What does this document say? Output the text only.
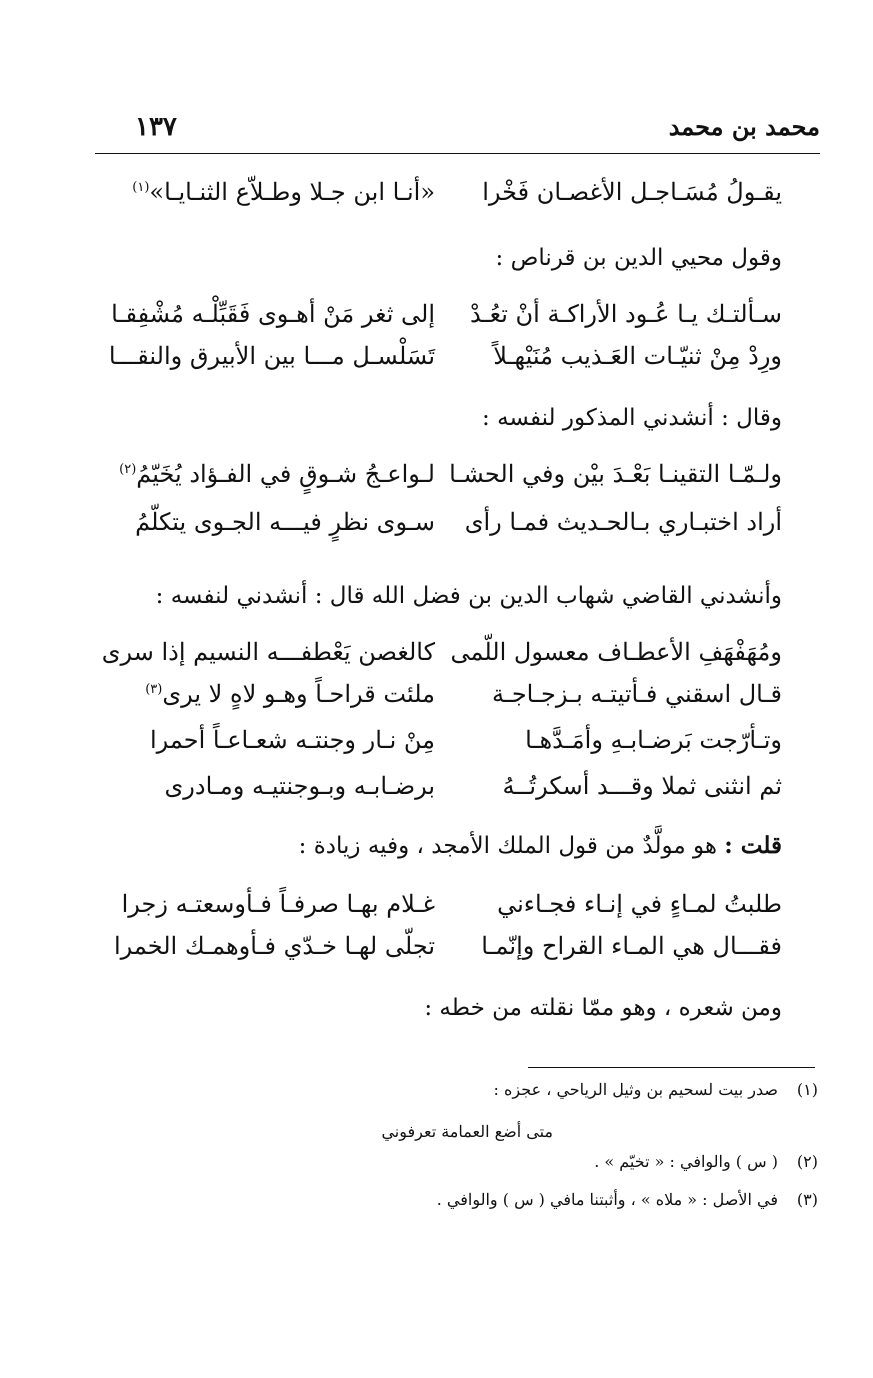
محمد بن محمد
١٣٧
يقـولُ مُسَـاجـل الأغصـان فَخْرا
«أنـا ابن جـلا وطـلاّع الثنـايـا»$^{(١)}$
وقول محيي الدين بن قرناص :
سـألتـك يـا عُـود الأراكـة أنْ تعُـدْ
إلى ثغر مَنْ أهـوى فَقَبِّلْـه مُشْفِقـا
ورِدْ مِنْ ثنيّـات العَـذيب مُنَيْهـلاً
تَسَلْسـل مـــا بين الأبيرق والنقـــا
وقال : أنشدني المذكور لنفسه :
ولـمّـا التقينـا بَعْـدَ بيْن وفي الحشـا
لـواعـجُ شـوقٍ في الفـؤاد يُخَيّمُ$^{(٢)}$
أراد اختبـاري بـالحـديث فمـا رأى
سـوى نظرٍ فيـــه الجـوى يتكلّمُ
وأنشدني القاضي شهاب الدين بن فضل الله قال : أنشدني لنفسه :
ومُهَفْهَفِ الأعطـاف معسول اللّمى
كالغصن يَعْطفـــه النسيم إذا سرى
قـال اسقني فـأتيتـه بـزجـاجـة
ملئت قراحـاً وهـو لاهٍ لا يرى$^{(٣)}$
وتـأرّجت بَرضـابـهِ وأمَـدَّهـا
مِنْ نـار وجنتـه شعـاعـاً أحمرا
ثم انثنى ثملا وقـــد أسكرتُــهُ
برضـابـه وبـوجنتيـه ومـادرى
قلت : هو مولَّدٌ من قول الملك الأمجد ، وفيه زيادة :
طلبتُ لمـاءٍ في إنـاء فجـاءني
غـلام بهـا صرفـاً فـأوسعتـه زجرا
فقـــال هي المـاء القراح وإنّمـا
تجلّى لهـا خـدّي فـأوهمـك الخمرا
ومن شعره ، وهو ممّا نقلته من خطه :
(١)صدر بيت لسحيم بن وثيل الرياحي ، عجزه :
متى أضع العمامة تعرفوني
(٢)( س ) والوافي : « تخيّم » .
(٣)في الأصل : « ملاه » ، وأثبتنا مافي ( س ) والوافي .
